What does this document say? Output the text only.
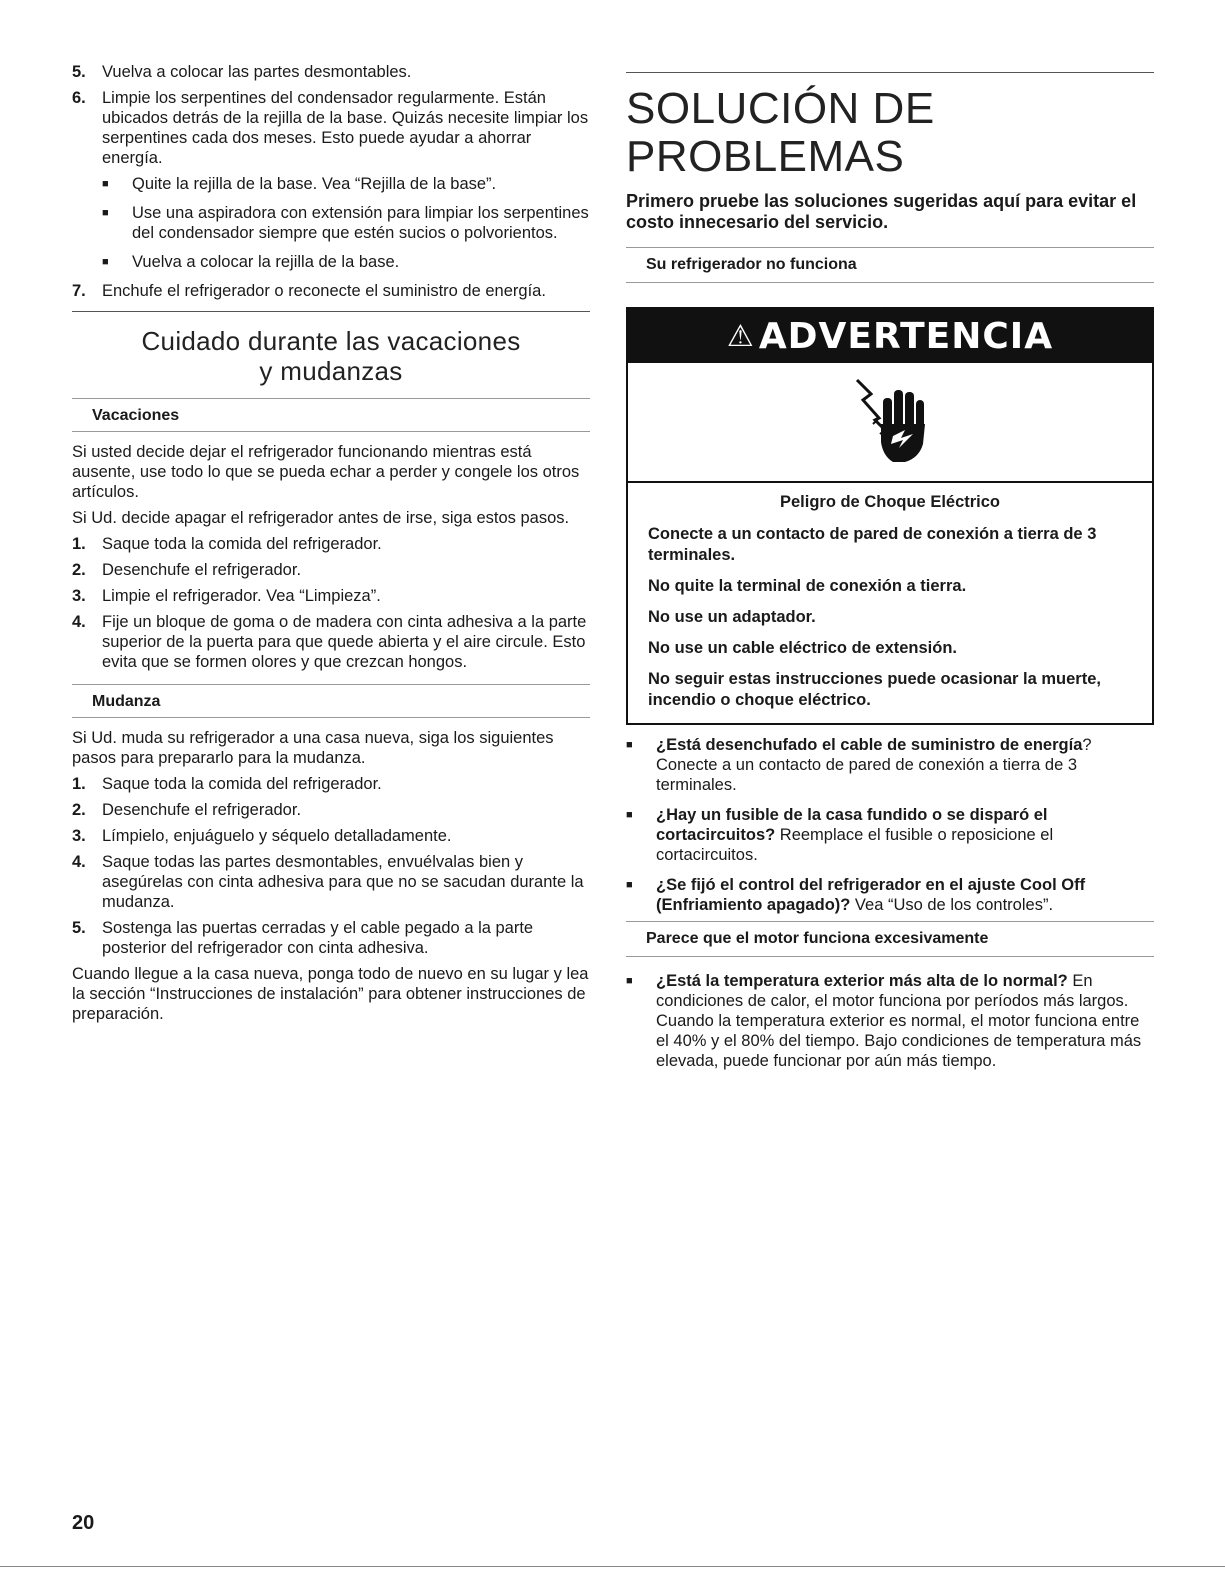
5. Vuelva a colocar las partes desmontables.
6. Limpie los serpentines del condensador regularmente. Están ubicados detrás de la rejilla de la base. Quizás necesite limpiar los serpentines cada dos meses. Esto puede ayudar a ahorrar energía.
■	Quite la rejilla de la base. Vea “Rejilla de la base”.
■	Use una aspiradora con extensión para limpiar los serpentines del condensador siempre que estén sucios o polvorientos.
■	Vuelva a colocar la rejilla de la base.
7. Enchufe el refrigerador o reconecte el suministro de energía.
Cuidado durante las vacaciones
y mudanzas
Vacaciones

Si usted decide dejar el refrigerador funcionando mientras está ausente, use todo lo que se pueda echar a perder y congele los otros artículos.

Si Ud. decide apagar el refrigerador antes de irse, siga estos pasos.

1. Saque toda la comida del refrigerador.
2. Desenchufe el refrigerador.
3. Limpie el refrigerador. Vea “Limpieza”.
4. Fije un bloque de goma o de madera con cinta adhesiva a la parte superior de la puerta para que quede abierta y el aire circule. Esto evita que se formen olores y que crezcan hongos.
Mudanza

Si Ud. muda su refrigerador a una casa nueva, siga los siguientes pasos para prepararlo para la mudanza.

1. Saque toda la comida del refrigerador.
2. Desenchufe el refrigerador.
3. Límpielo, enjuáguelo y séquelo detalladamente.
4. Saque todas las partes desmontables, envuélvalas bien y asegúrelas con cinta adhesiva para que no se sacudan durante la mudanza.
5. Sostenga las puertas cerradas y el cable pegado a la parte posterior del refrigerador con cinta adhesiva.

Cuando llegue a la casa nueva, ponga todo de nuevo en su lugar y lea la sección “Instrucciones de instalación” para obtener instrucciones de preparación.

SOLUCIÓN DE PROBLEMAS
Primero pruebe las soluciones sugeridas aquí para evitar el costo innecesario del servicio.
Su refrigerador no funciona
⚠ ADVERTENCIA
Peligro de Choque Eléctrico
Conecte a un contacto de pared de conexión a tierra de 3 terminales.
No quite la terminal de conexión a tierra.
No use un adaptador.
No use un cable eléctrico de extensión.
No seguir estas instrucciones puede ocasionar la muerte, incendio o choque eléctrico.
■	¿Está desenchufado el cable de suministro de energía? Conecte a un contacto de pared de conexión a tierra de 3 terminales.
■	¿Hay un fusible de la casa fundido o se disparó el cortacircuitos? Reemplace el fusible o reposicione el cortacircuitos.
■	¿Se fijó el control del refrigerador en el ajuste Cool Off (Enfriamiento apagado)? Vea “Uso de los controles”.
Parece que el motor funciona excesivamente
■	¿Está la temperatura exterior más alta de lo normal? En condiciones de calor, el motor funciona por períodos más largos. Cuando la temperatura exterior es normal, el motor funciona entre el 40% y el 80% del tiempo. Bajo condiciones de temperatura más elevada, puede funcionar por aún más tiempo.
20
